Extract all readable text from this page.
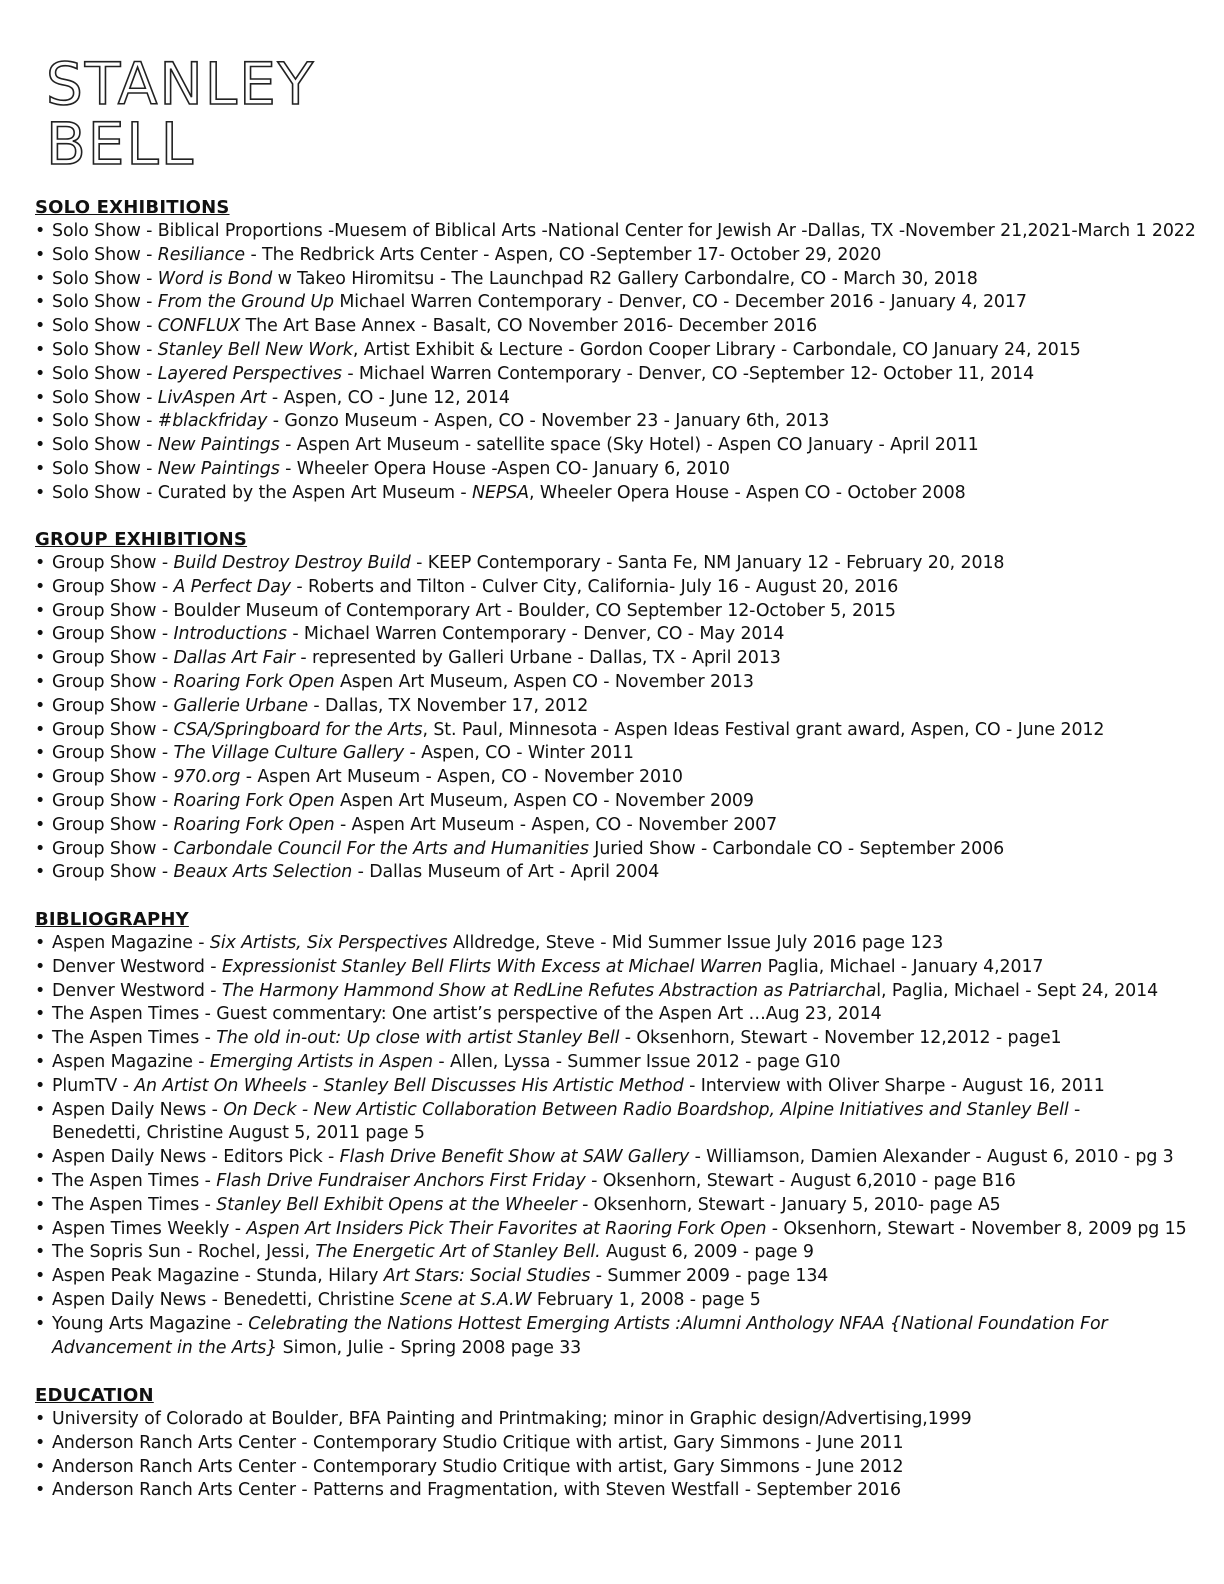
STANLEY
BELL
SOLO EXHIBITIONS
• Solo Show - Biblical Proportions -Muesem of Biblical Arts -National Center for Jewish Ar -Dallas, TX -November 21,2021-March 1 2022
• Solo Show - Resiliance - The Redbrick Arts Center - Aspen, CO -September 17- October 29, 2020
• Solo Show - Word is Bond w Takeo Hiromitsu - The Launchpad R2 Gallery Carbondalre, CO - March 30, 2018
• Solo Show - From the Ground Up Michael Warren Contemporary - Denver, CO - December 2016 - January 4, 2017
• Solo Show - CONFLUX The Art Base Annex - Basalt, CO November 2016- December 2016
• Solo Show - Stanley Bell New Work, Artist Exhibit & Lecture - Gordon Cooper Library - Carbondale, CO January 24, 2015
• Solo Show - Layered Perspectives - Michael Warren Contemporary - Denver, CO -September 12- October 11, 2014
• Solo Show - LivAspen Art - Aspen, CO - June 12, 2014
• Solo Show - #blackfriday - Gonzo Museum - Aspen, CO - November 23 - January 6th, 2013
• Solo Show - New Paintings - Aspen Art Museum - satellite space (Sky Hotel) - Aspen CO January - April 2011
• Solo Show - New Paintings - Wheeler Opera House -Aspen CO- January 6, 2010
• Solo Show - Curated by the Aspen Art Museum - NEPSA, Wheeler Opera House - Aspen CO - October 2008
GROUP EXHIBITIONS
• Group Show - Build Destroy Destroy Build - KEEP Contemporary - Santa Fe, NM January 12 - February 20, 2018
• Group Show - A Perfect Day - Roberts and Tilton - Culver City, California- July 16 - August 20, 2016
• Group Show - Boulder Museum of Contemporary Art - Boulder, CO September 12-October 5, 2015
• Group Show - Introductions - Michael Warren Contemporary - Denver, CO - May 2014
• Group Show - Dallas Art Fair - represented by Galleri Urbane - Dallas, TX - April 2013
• Group Show - Roaring Fork Open Aspen Art Museum, Aspen CO - November 2013
• Group Show - Gallerie Urbane - Dallas, TX November 17, 2012
• Group Show - CSA/Springboard for the Arts, St. Paul, Minnesota - Aspen Ideas Festival grant award, Aspen, CO - June 2012
• Group Show - The Village Culture Gallery - Aspen, CO - Winter 2011
• Group Show - 970.org - Aspen Art Museum - Aspen, CO - November 2010
• Group Show - Roaring Fork Open Aspen Art Museum, Aspen CO - November 2009
• Group Show - Roaring Fork Open - Aspen Art Museum - Aspen, CO - November 2007
• Group Show - Carbondale Council For the Arts and Humanities Juried Show - Carbondale CO - September 2006
• Group Show - Beaux Arts Selection - Dallas Museum of Art - April 2004
BIBLIOGRAPHY
• Aspen Magazine - Six Artists, Six Perspectives Alldredge, Steve - Mid Summer Issue July 2016 page 123
• Denver Westword - Expressionist Stanley Bell Flirts With Excess at Michael Warren Paglia, Michael - January 4,2017
• Denver Westword - The Harmony Hammond Show at RedLine Refutes Abstraction as Patriarchal, Paglia, Michael - Sept 24, 2014
• The Aspen Times - Guest commentary: One artist’s perspective of the Aspen Art …Aug 23, 2014
• The Aspen Times - The old in-out: Up close with artist Stanley Bell - Oksenhorn, Stewart - November 12,2012 - page1
• Aspen Magazine - Emerging Artists in Aspen - Allen, Lyssa - Summer Issue 2012 - page G10
• PlumTV - An Artist On Wheels - Stanley Bell Discusses His Artistic Method - Interview with Oliver Sharpe - August 16, 2011
• Aspen Daily News - On Deck - New Artistic Collaboration Between Radio Boardshop, Alpine Initiatives and Stanley Bell -
Benedetti, Christine August 5, 2011 page 5
• Aspen Daily News - Editors Pick - Flash Drive Benefit Show at SAW Gallery - Williamson, Damien Alexander - August 6, 2010 - pg 3
• The Aspen Times - Flash Drive Fundraiser Anchors First Friday - Oksenhorn, Stewart - August 6,2010 - page B16
• The Aspen Times - Stanley Bell Exhibit Opens at the Wheeler - Oksenhorn, Stewart - January 5, 2010- page A5
• Aspen Times Weekly - Aspen Art Insiders Pick Their Favorites at Raoring Fork Open - Oksenhorn, Stewart - November 8, 2009 pg 15
• The Sopris Sun - Rochel, Jessi, The Energetic Art of Stanley Bell. August 6, 2009 - page 9
• Aspen Peak Magazine - Stunda, Hilary Art Stars: Social Studies - Summer 2009 - page 134
• Aspen Daily News - Benedetti, Christine Scene at S.A.W February 1, 2008 - page 5
• Young Arts Magazine - Celebrating the Nations Hottest Emerging Artists :Alumni Anthology NFAA {National Foundation For
Advancement in the Arts} Simon, Julie - Spring 2008 page 33
EDUCATION
• University of Colorado at Boulder, BFA Painting and Printmaking; minor in Graphic design/Advertising,1999
• Anderson Ranch Arts Center - Contemporary Studio Critique with artist, Gary Simmons - June 2011
• Anderson Ranch Arts Center - Contemporary Studio Critique with artist, Gary Simmons - June 2012
• Anderson Ranch Arts Center - Patterns and Fragmentation, with Steven Westfall - September 2016
